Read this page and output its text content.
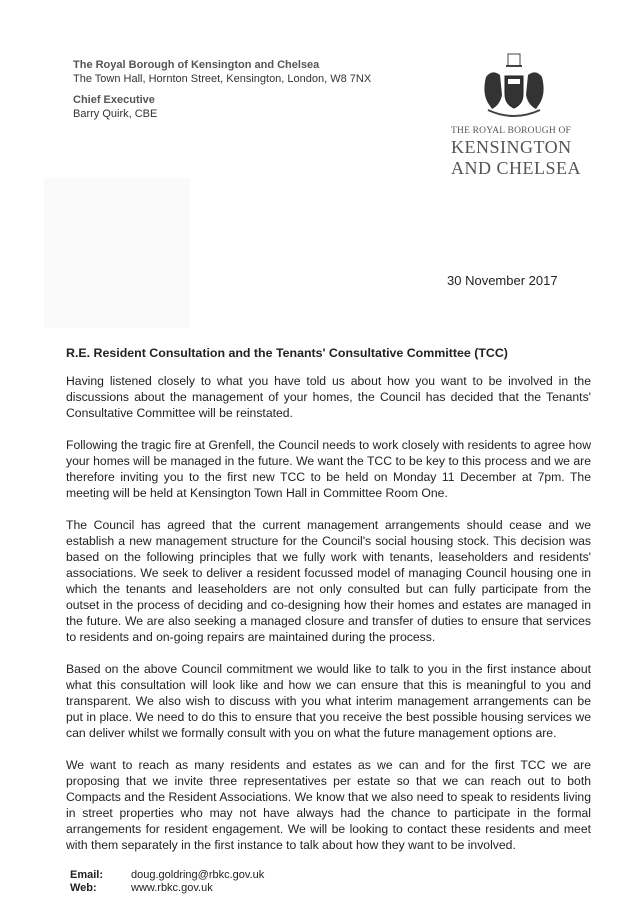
The Royal Borough of Kensington and Chelsea
The Town Hall, Hornton Street, Kensington, London, W8 7NX
Chief Executive
Barry Quirk, CBE
THE ROYAL BOROUGH OF
KENSINGTON
AND CHELSEA
30 November 2017
R.E. Resident Consultation and the Tenants' Consultative Committee (TCC)

Having listened closely to what you have told us about how you want to be involved in the discussions about the management of your homes, the Council has decided that the Tenants' Consultative Committee will be reinstated.

Following the tragic fire at Grenfell, the Council needs to work closely with residents to agree how your homes will be managed in the future. We want the TCC to be key to this process and we are therefore inviting you to the first new TCC to be held on Monday 11 December at 7pm. The meeting will be held at Kensington Town Hall in Committee Room One.

The Council has agreed that the current management arrangements should cease and we establish a new management structure for the Council's social housing stock. This decision was based on the following principles that we fully work with tenants, leaseholders and residents' associations. We seek to deliver a resident focussed model of managing Council housing one in which the tenants and leaseholders are not only consulted but can fully participate from the outset in the process of deciding and co-designing how their homes and estates are managed in the future. We are also seeking a managed closure and transfer of duties to ensure that services to residents and on-going repairs are maintained during the process.

Based on the above Council commitment we would like to talk to you in the first instance about what this consultation will look like and how we can ensure that this is meaningful to you and transparent. We also wish to discuss with you what interim management arrangements can be put in place. We need to do this to ensure that you receive the best possible housing services we can deliver whilst we formally consult with you on what the future management options are.

We want to reach as many residents and estates as we can and for the first TCC we are proposing that we invite three representatives per estate so that we can reach out to both Compacts and the Resident Associations. We know that we also need to speak to residents living in street properties who may not have always had the chance to participate in the formal arrangements for resident engagement. We will be looking to contact these residents and meet with them separately in the first instance to talk about how they want to be involved.

Email:	doug.goldring@rbkc.gov.uk
Web:	www.rbkc.gov.uk
